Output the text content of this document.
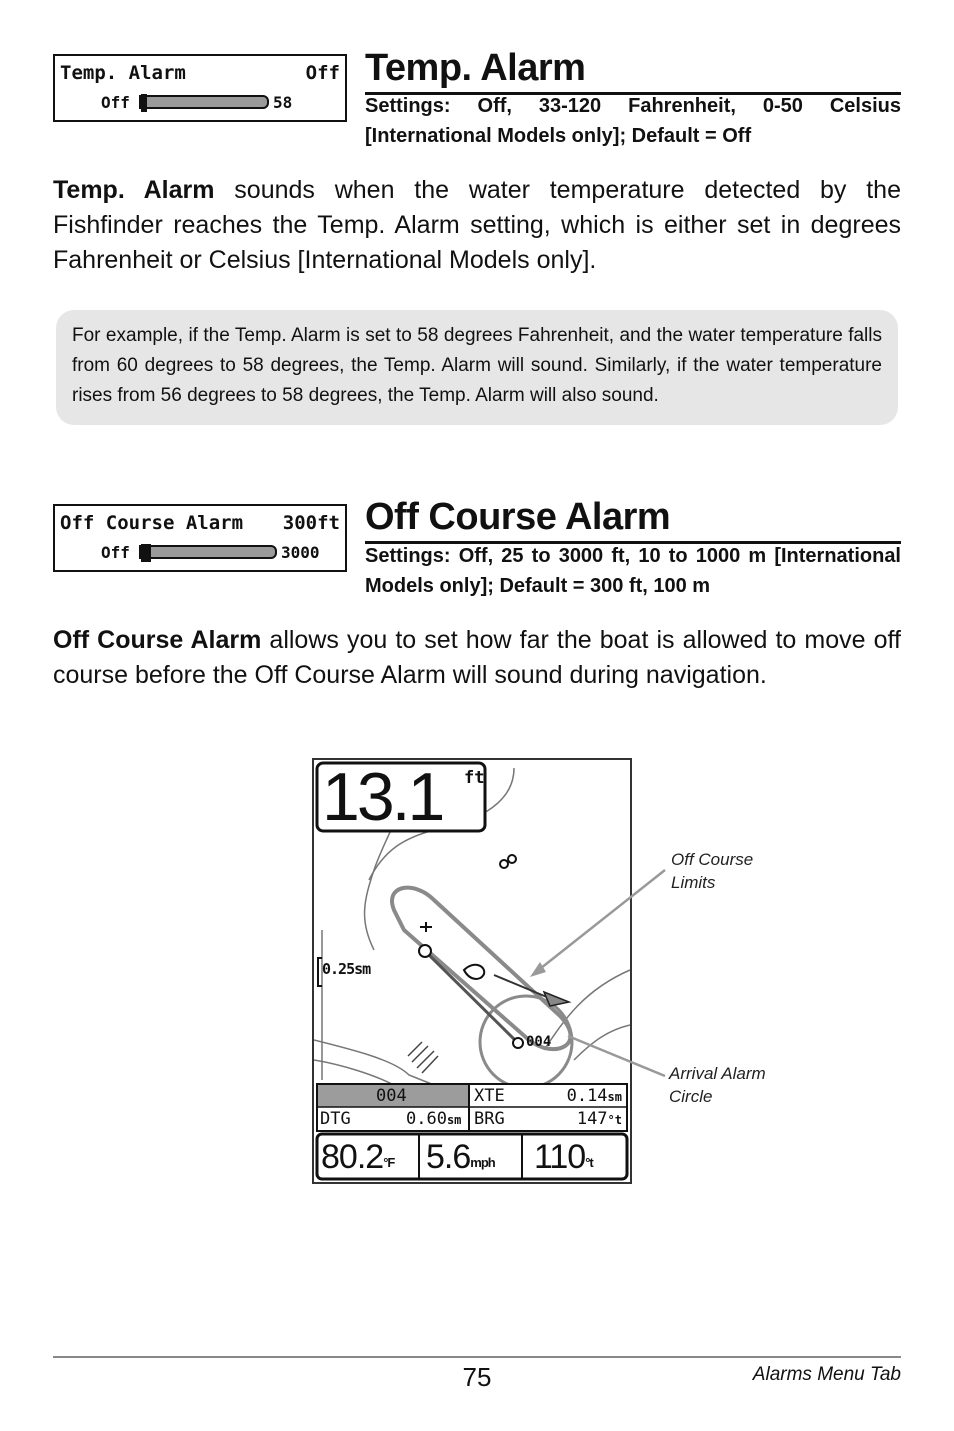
Temp. Alarm	Off
Off	58
Temp. Alarm
Settings: Off, 33-120 Fahrenheit, 0-50 Celsius [International Models only]; Default = Off
Temp. Alarm sounds when the water temperature detected by the Fishfinder reaches the Temp. Alarm setting, which is either set in degrees Fahrenheit or Celsius [International Models only].
For example, if the Temp. Alarm is set to 58 degrees Fahrenheit, and the water temperature falls from 60 degrees to 58 degrees, the Temp. Alarm will sound. Similarly, if the water temperature rises from 56 degrees to 58 degrees, the Temp. Alarm will also sound.
Off Course Alarm 300ft
Off	3000
Off Course Alarm
Settings: Off, 25 to 3000 ft, 10 to 1000 m [International Models only]; Default = 300 ft, 100 m
Off Course Alarm allows you to set how far the boat is allowed to move off course before the Off Course Alarm will sound during navigation.
13.1 ft
0.25sm
004
004	XTE	0.14sm
DTG	0.60sm BRG	147°t
$80.2^{^\circ F}$ $5.6^{mph}$ $110^{^\circ t}$
Off Course
Limits
Arrival Alarm
Circle
75	Alarms Menu Tab
